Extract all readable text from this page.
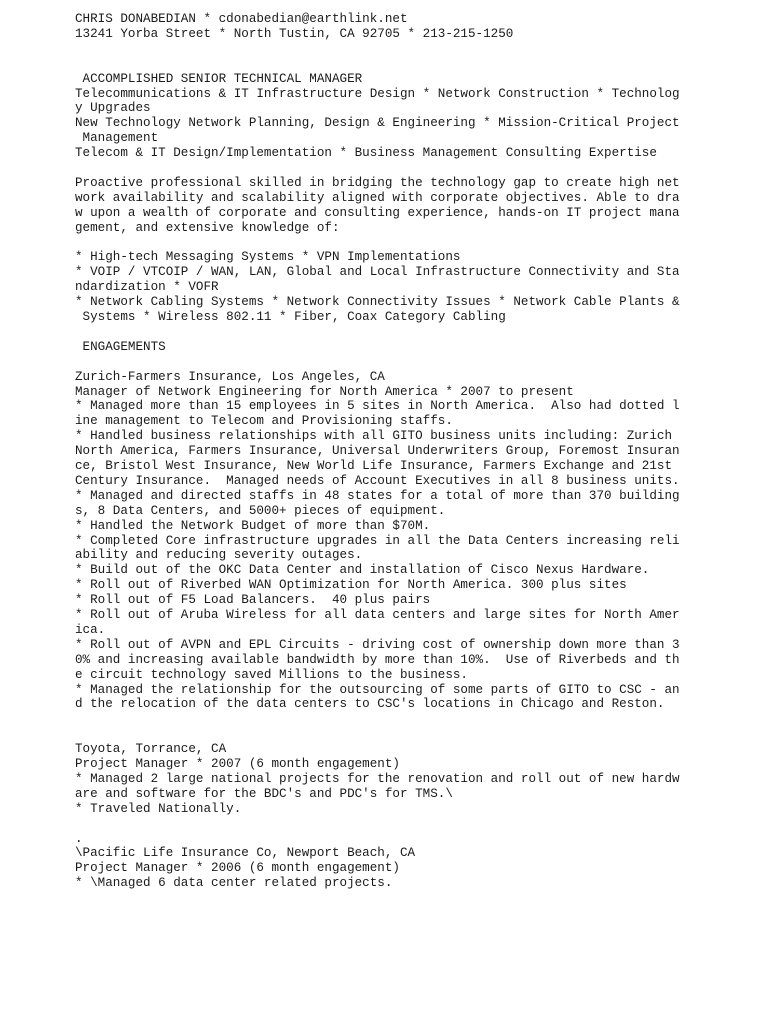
CHRIS DONABEDIAN * cdonabedian@earthlink.net
13241 Yorba Street * North Tustin, CA 92705 * 213-215-1250
ACCOMPLISHED SENIOR TECHNICAL MANAGER
Telecommunications & IT Infrastructure Design * Network Construction * Technolog
y Upgrades
New Technology Network Planning, Design & Engineering * Mission-Critical Project
Management
Telecom & IT Design/Implementation * Business Management Consulting Expertise
Proactive professional skilled in bridging the technology gap to create high net
work availability and scalability aligned with corporate objectives. Able to dra
w upon a wealth of corporate and consulting experience, hands-on IT project mana
gement, and extensive knowledge of:
* High-tech Messaging Systems * VPN Implementations
* VOIP / VTCOIP / WAN, LAN, Global and Local Infrastructure Connectivity and Sta
ndardization * VOFR
* Network Cabling Systems * Network Connectivity Issues * Network Cable Plants &
Systems * Wireless 802.11 * Fiber, Coax Category Cabling
ENGAGEMENTS
Zurich-Farmers Insurance, Los Angeles, CA
Manager of Network Engineering for North America * 2007 to present
* Managed more than 15 employees in 5 sites in North America.  Also had dotted l
ine management to Telecom and Provisioning staffs.
* Handled business relationships with all GITO business units including: Zurich
North America, Farmers Insurance, Universal Underwriters Group, Foremost Insuran
ce, Bristol West Insurance, New World Life Insurance, Farmers Exchange and 21st
Century Insurance.  Managed needs of Account Executives in all 8 business units.
* Managed and directed staffs in 48 states for a total of more than 370 building
s, 8 Data Centers, and 5000+ pieces of equipment.
* Handled the Network Budget of more than $70M.
* Completed Core infrastructure upgrades in all the Data Centers increasing reli
ability and reducing severity outages.
* Build out of the OKC Data Center and installation of Cisco Nexus Hardware.
* Roll out of Riverbed WAN Optimization for North America. 300 plus sites
* Roll out of F5 Load Balancers.  40 plus pairs
* Roll out of Aruba Wireless for all data centers and large sites for North Amer
ica.
* Roll out of AVPN and EPL Circuits - driving cost of ownership down more than 3
0% and increasing available bandwidth by more than 10%.  Use of Riverbeds and th
e circuit technology saved Millions to the business.
* Managed the relationship for the outsourcing of some parts of GITO to CSC - an
d the relocation of the data centers to CSC's locations in Chicago and Reston.
Toyota, Torrance, CA
Project Manager * 2007 (6 month engagement)
* Managed 2 large national projects for the renovation and roll out of new hardw
are and software for the BDC's and PDC's for TMS.\
* Traveled Nationally.
.
\Pacific Life Insurance Co, Newport Beach, CA
Project Manager * 2006 (6 month engagement)
* \Managed 6 data center related projects.
